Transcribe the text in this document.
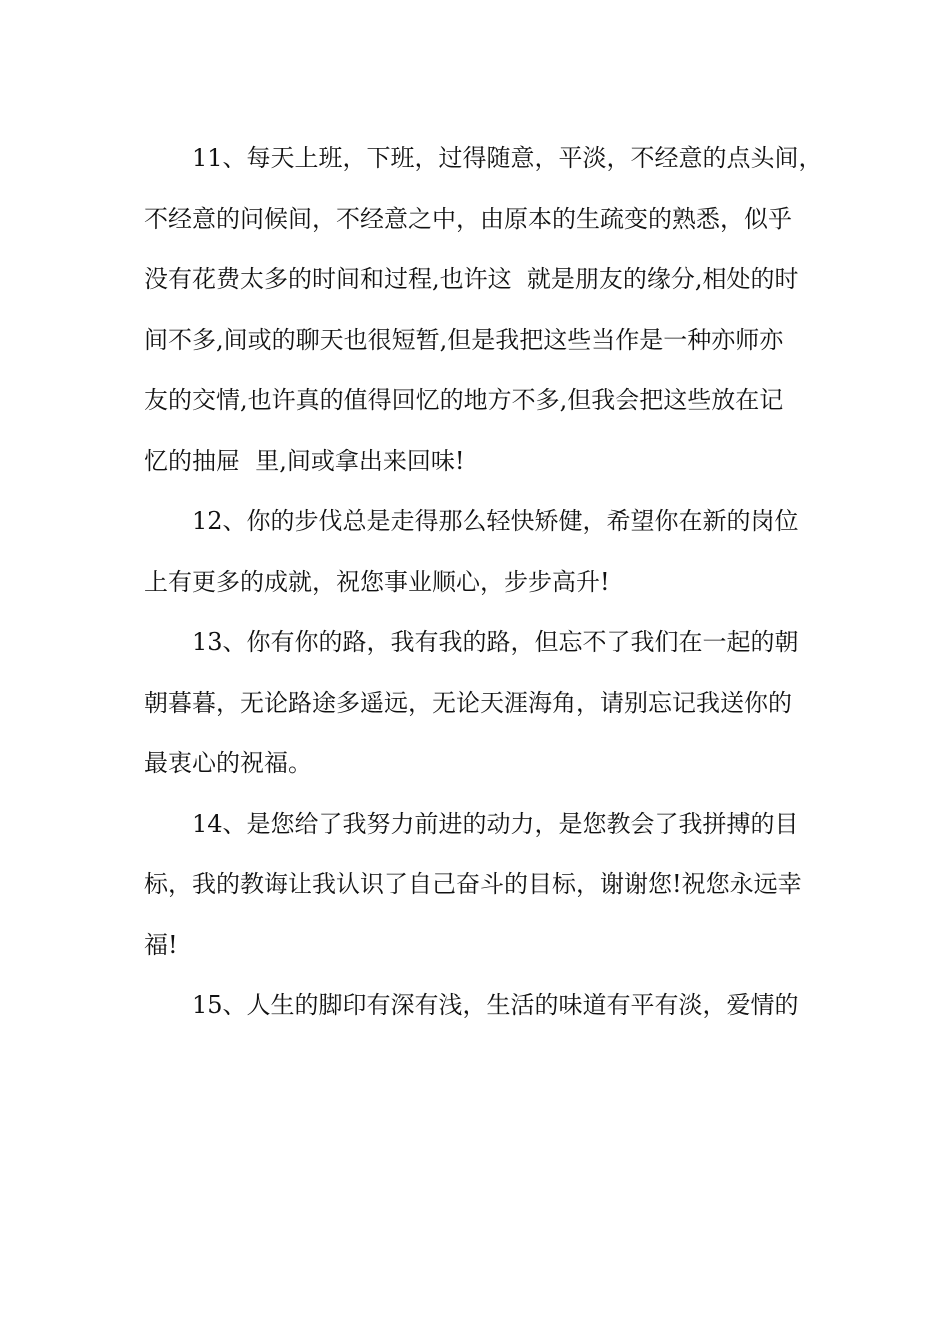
11、每天上班，下班，过得随意，平淡，不经意的点头间，
不经意的问候间，不经意之中，由原本的生疏变的熟悉，似乎
没有花费太多的时间和过程,也许这  就是朋友的缘分,相处的时
间不多,间或的聊天也很短暂,但是我把这些当作是一种亦师亦
友的交情,也许真的值得回忆的地方不多,但我会把这些放在记
忆的抽屉  里,间或拿出来回味!

12、你的步伐总是走得那么轻快矫健，希望你在新的岗位
上有更多的成就，祝您事业顺心，步步高升!

13、你有你的路，我有我的路，但忘不了我们在一起的朝
朝暮暮，无论路途多遥远，无论天涯海角，请别忘记我送你的
最衷心的祝福。

14、是您给了我努力前进的动力，是您教会了我拼搏的目
标，我的教诲让我认识了自己奋斗的目标，谢谢您!祝您永远幸
福!

15、人生的脚印有深有浅，生活的味道有平有淡，爱情的
